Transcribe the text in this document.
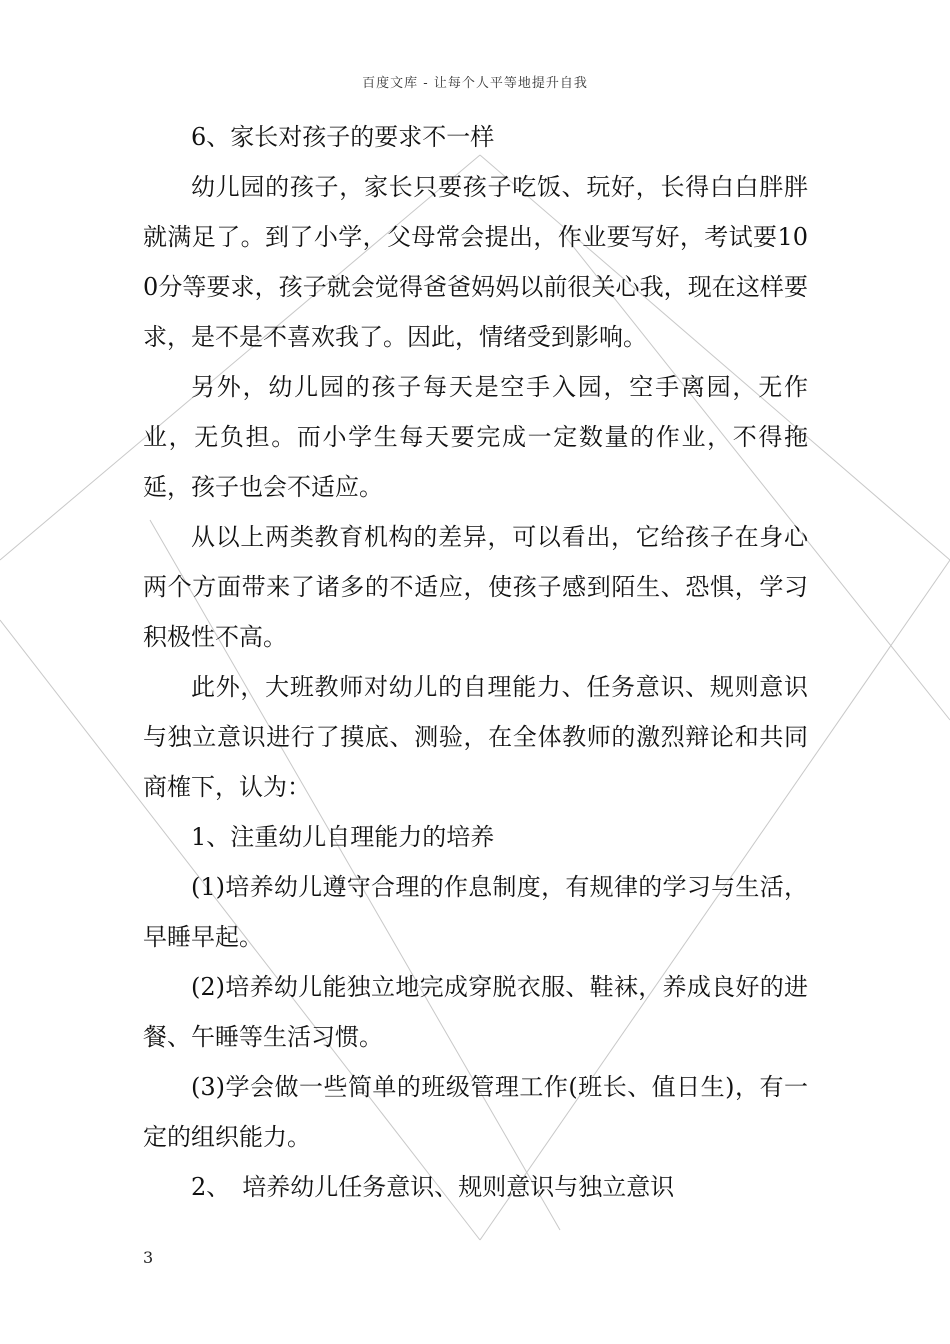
百度文库 - 让每个人平等地提升自我

6、家长对孩子的要求不一样

幼儿园的孩子，家长只要孩子吃饭、玩好，长得白白胖胖就满足了。到了小学，父母常会提出，作业要写好，考试要100分等要求，孩子就会觉得爸爸妈妈以前很关心我，现在这样要求，是不是不喜欢我了。因此，情绪受到影响。

另外，幼儿园的孩子每天是空手入园，空手离园，无作业，无负担。而小学生每天要完成一定数量的作业，不得拖延，孩子也会不适应。

从以上两类教育机构的差异，可以看出，它给孩子在身心两个方面带来了诸多的不适应，使孩子感到陌生、恐惧，学习积极性不高。

此外，大班教师对幼儿的自理能力、任务意识、规则意识与独立意识进行了摸底、测验，在全体教师的激烈辩论和共同商榷下，认为：

1、注重幼儿自理能力的培养

(1)培养幼儿遵守合理的作息制度，有规律的学习与生活，早睡早起。

(2)培养幼儿能独立地完成穿脱衣服、鞋袜，养成良好的进餐、午睡等生活习惯。

(3)学会做一些简单的班级管理工作(班长、值日生)，有一定的组织能力。

2、　培养幼儿任务意识、规则意识与独立意识

3
